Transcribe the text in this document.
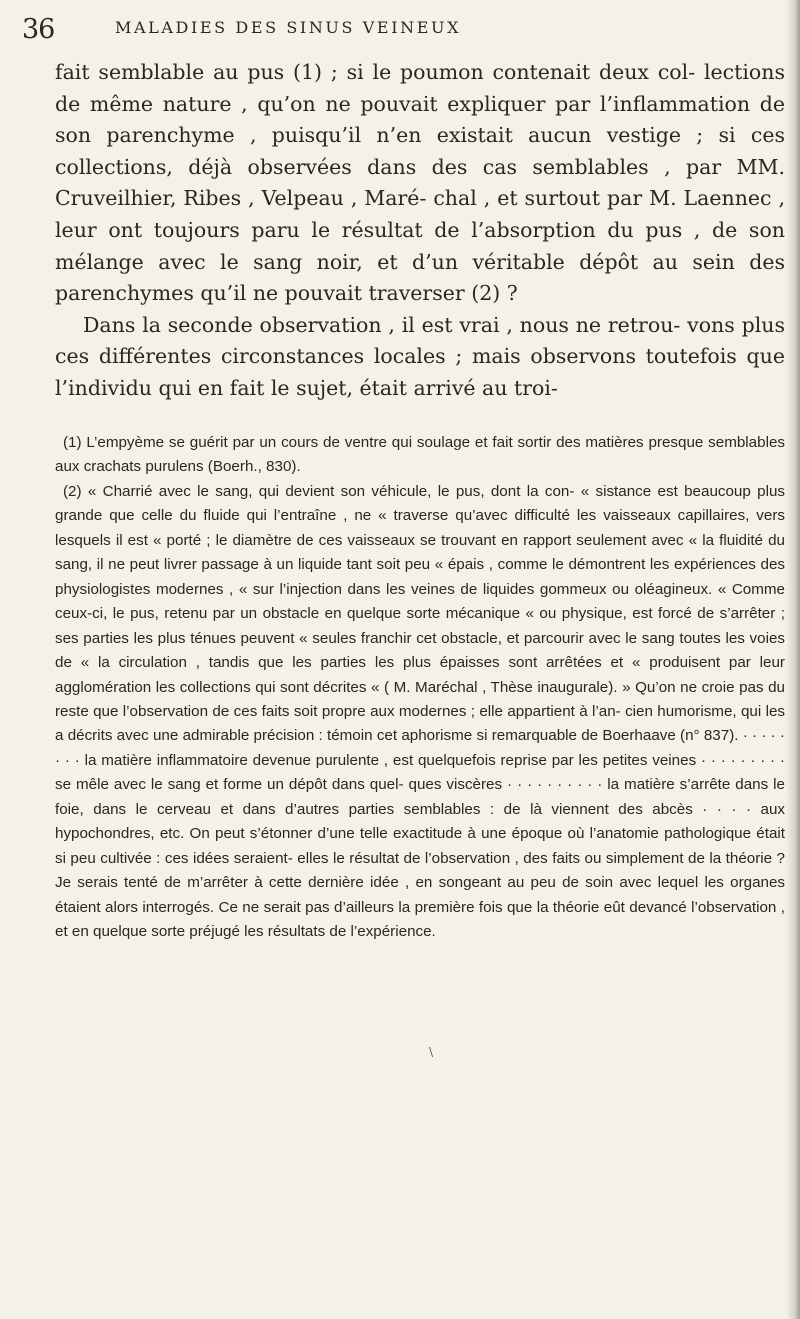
36	MALADIES DES SINUS VEINEUX

fait semblable au pus (1) ; si le poumon contenait deux col- lections de même nature , qu’on ne pouvait expliquer par l’inflammation de son parenchyme , puisqu’il n’en existait aucun vestige ; si ces collections, déjà observées dans des cas semblables , par MM. Cruveilhier, Ribes , Velpeau , Maré- chal , et surtout par M. Laennec , leur ont toujours paru le résultat de l’absorption du pus , de son mélange avec le sang noir, et d’un véritable dépôt au sein des parenchymes qu’il ne pouvait traverser (2) ?

Dans la seconde observation , il est vrai , nous ne retrou- vons plus ces différentes circonstances locales ; mais observons toutefois que l’individu qui en fait le sujet, était arrivé au troi-

(1) L’empyème se guérit par un cours de ventre qui soulage et fait sortir des matières presque semblables aux crachats purulens (Boerh., 830).

(2) « Charrié avec le sang, qui devient son véhicule, le pus, dont la con- « sistance est beaucoup plus grande que celle du fluide qui l’entraîne , ne « traverse qu’avec difficulté les vaisseaux capillaires, vers lesquels il est « porté ; le diamètre de ces vaisseaux se trouvant en rapport seulement avec « la fluidité du sang, il ne peut livrer passage à un liquide tant soit peu « épais , comme le démontrent les expériences des physiologistes modernes , « sur l’injection dans les veines de liquides gommeux ou oléagineux. « Comme ceux-ci, le pus, retenu par un obstacle en quelque sorte mécanique « ou physique, est forcé de s’arrêter ; ses parties les plus ténues peuvent « seules franchir cet obstacle, et parcourir avec le sang toutes les voies de « la circulation , tandis que les parties les plus épaisses sont arrêtées et « produisent par leur agglomération les collections qui sont décrites « ( M. Maréchal , Thèse inaugurale). » Qu’on ne croie pas du reste que l’observation de ces faits soit propre aux modernes ; elle appartient à l’an- cien humorisme, qui les a décrits avec une admirable précision : témoin cet aphorisme si remarquable de Boerhaave (n° 837). · · · · · · · · la matière inflammatoire devenue purulente , est quelquefois reprise par les petites veines · · · · · · · · · se mêle avec le sang et forme un dépôt dans quel- ques viscères · · · · · · · · · · la matière s’arrête dans le foie, dans le cerveau et dans d’autres parties semblables : de là viennent des abcès · · · · aux hypochondres, etc. On peut s’étonner d’une telle exactitude à une époque où l’anatomie pathologique était si peu cultivée : ces idées seraient- elles le résultat de l’observation , des faits ou simplement de la théorie ? Je serais tenté de m’arrêter à cette dernière idée , en songeant au peu de soin avec lequel les organes étaient alors interrogés. Ce ne serait pas d’ailleurs la première fois que la théorie eût devancé l’observation , et en quelque sorte préjugé les résultats de l’expérience.

\
